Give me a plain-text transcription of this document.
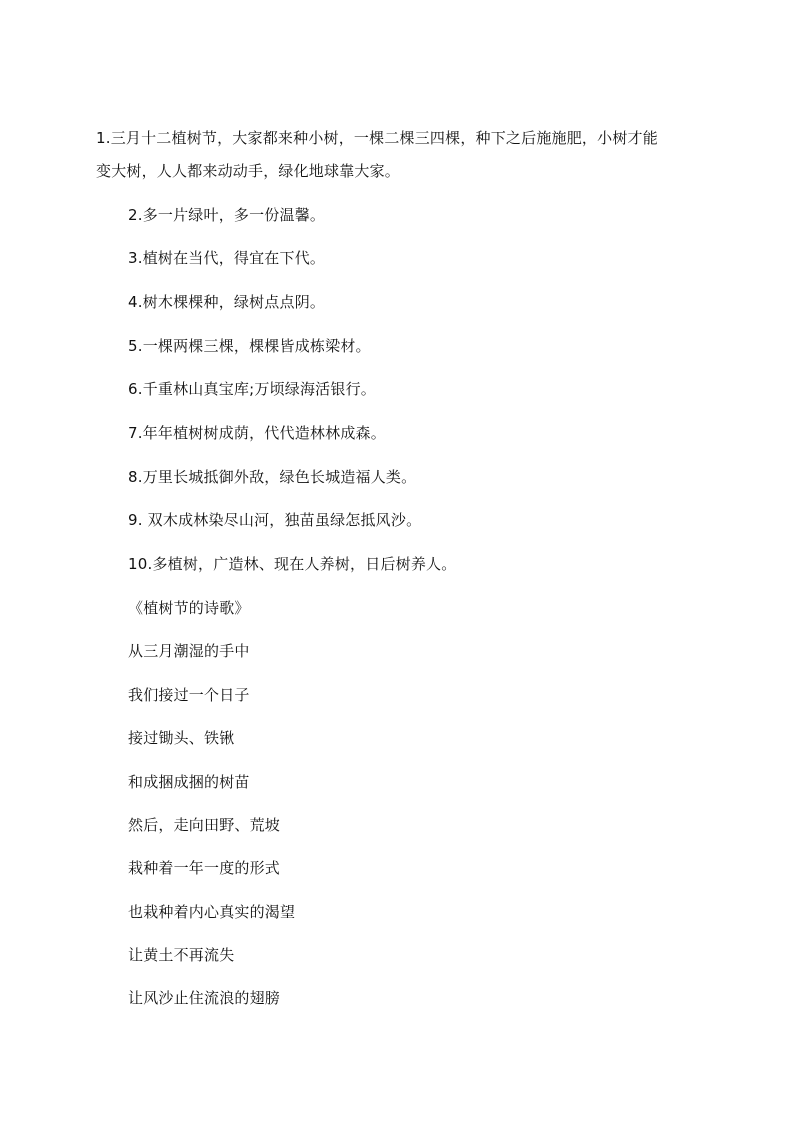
1.三月十二植树节，大家都来种小树，一棵二棵三四棵，种下之后施施肥，小树才能
变大树，人人都来动动手，绿化地球靠大家。
2.多一片绿叶，多一份温馨。
3.植树在当代，得宜在下代。
4.树木棵棵种，绿树点点阴。
5.一棵两棵三棵，棵棵皆成栋梁材。
6.千重林山真宝库;万顷绿海活银行。
7.年年植树树成荫，代代造林林成森。
8.万里长城抵御外敌，绿色长城造福人类。
9. 双木成林染尽山河，独苗虽绿怎抵风沙。
10.多植树，广造林、现在人养树，日后树养人。
《植树节的诗歌》
从三月潮湿的手中
我们接过一个日子
接过锄头、铁锹
和成捆成捆的树苗
然后，走向田野、荒坡
栽种着一年一度的形式
也栽种着内心真实的渴望
让黄土不再流失
让风沙止住流浪的翅膀
